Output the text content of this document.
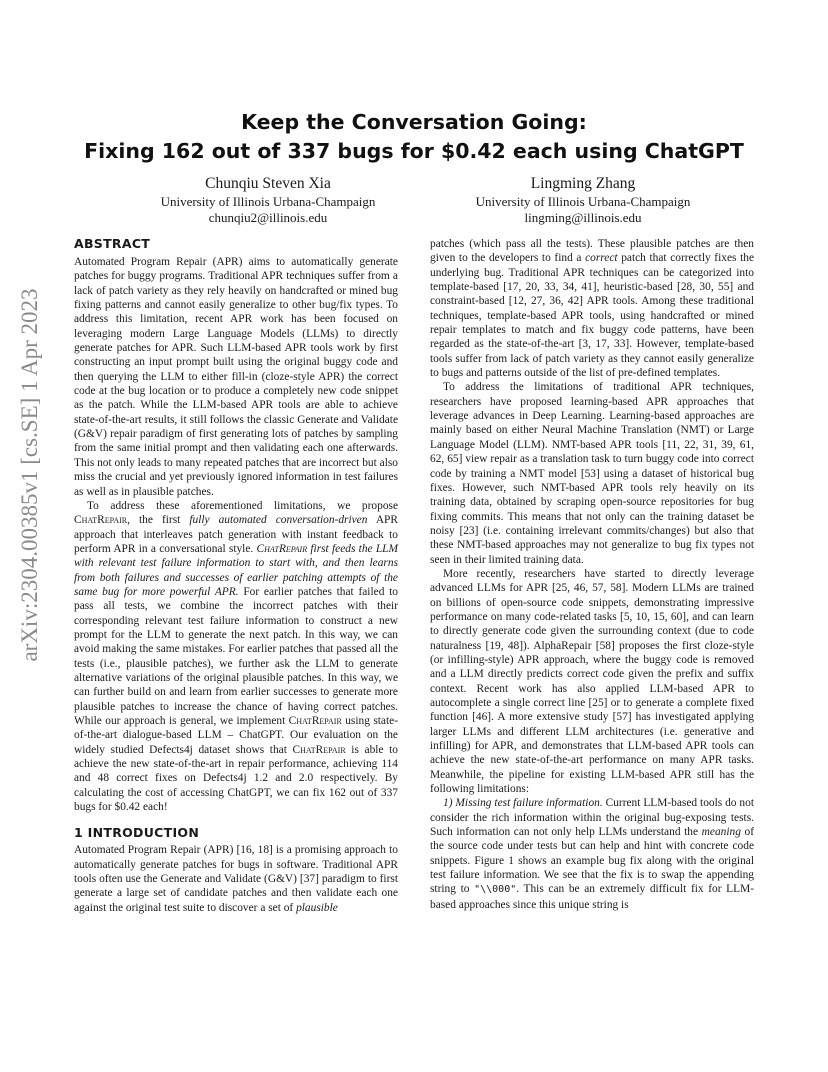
arXiv:2304.00385v1 [cs.SE] 1 Apr 2023
Keep the Conversation Going:
Fixing 162 out of 337 bugs for $0.42 each using ChatGPT
Chunqiu Steven Xia
University of Illinois Urbana-Champaign
chunqiu2@illinois.edu
Lingming Zhang
University of Illinois Urbana-Champaign
lingming@illinois.edu
ABSTRACT

Automated Program Repair (APR) aims to automatically generate patches for buggy programs. Traditional APR techniques suffer from a lack of patch variety as they rely heavily on handcrafted or mined bug fixing patterns and cannot easily generalize to other bug/fix types. To address this limitation, recent APR work has been focused on leveraging modern Large Language Models (LLMs) to directly generate patches for APR. Such LLM-based APR tools work by first constructing an input prompt built using the original buggy code and then querying the LLM to either fill-in (cloze-style APR) the correct code at the bug location or to produce a completely new code snippet as the patch. While the LLM-based APR tools are able to achieve state-of-the-art results, it still follows the classic Generate and Validate (G&V) repair paradigm of first generating lots of patches by sampling from the same initial prompt and then validating each one afterwards. This not only leads to many repeated patches that are incorrect but also miss the crucial and yet previously ignored information in test failures as well as in plausible patches.

To address these aforementioned limitations, we propose ChatRepair, the first fully automated conversation-driven APR approach that interleaves patch generation with instant feedback to perform APR in a conversational style. ChatRepair first feeds the LLM with relevant test failure information to start with, and then learns from both failures and successes of earlier patching attempts of the same bug for more powerful APR. For earlier patches that failed to pass all tests, we combine the incorrect patches with their corresponding relevant test failure information to construct a new prompt for the LLM to generate the next patch. In this way, we can avoid making the same mistakes. For earlier patches that passed all the tests (i.e., plausible patches), we further ask the LLM to generate alternative variations of the original plausible patches. In this way, we can further build on and learn from earlier successes to generate more plausible patches to increase the chance of having correct patches. While our approach is general, we implement ChatRepair using state-of-the-art dialogue-based LLM – ChatGPT. Our evaluation on the widely studied Defects4j dataset shows that ChatRepair is able to achieve the new state-of-the-art in repair performance, achieving 114 and 48 correct fixes on Defects4j 1.2 and 2.0 respectively. By calculating the cost of accessing ChatGPT, we can fix 162 out of 337 bugs for $0.42 each!

1 INTRODUCTION

Automated Program Repair (APR) [16, 18] is a promising approach to automatically generate patches for bugs in software. Traditional APR tools often use the Generate and Validate (G&V) [37] paradigm to first generate a large set of candidate patches and then validate each one against the original test suite to discover a set of plausible

patches (which pass all the tests). These plausible patches are then given to the developers to find a correct patch that correctly fixes the underlying bug. Traditional APR techniques can be categorized into template-based [17, 20, 33, 34, 41], heuristic-based [28, 30, 55] and constraint-based [12, 27, 36, 42] APR tools. Among these traditional techniques, template-based APR tools, using handcrafted or mined repair templates to match and fix buggy code patterns, have been regarded as the state-of-the-art [3, 17, 33]. However, template-based tools suffer from lack of patch variety as they cannot easily generalize to bugs and patterns outside of the list of pre-defined templates.

To address the limitations of traditional APR techniques, researchers have proposed learning-based APR approaches that leverage advances in Deep Learning. Learning-based approaches are mainly based on either Neural Machine Translation (NMT) or Large Language Model (LLM). NMT-based APR tools [11, 22, 31, 39, 61, 62, 65] view repair as a translation task to turn buggy code into correct code by training a NMT model [53] using a dataset of historical bug fixes. However, such NMT-based APR tools rely heavily on its training data, obtained by scraping open-source repositories for bug fixing commits. This means that not only can the training dataset be noisy [23] (i.e. containing irrelevant commits/changes) but also that these NMT-based approaches may not generalize to bug fix types not seen in their limited training data.

More recently, researchers have started to directly leverage advanced LLMs for APR [25, 46, 57, 58]. Modern LLMs are trained on billions of open-source code snippets, demonstrating impressive performance on many code-related tasks [5, 10, 15, 60], and can learn to directly generate code given the surrounding context (due to code naturalness [19, 48]). AlphaRepair [58] proposes the first cloze-style (or infilling-style) APR approach, where the buggy code is removed and a LLM directly predicts correct code given the prefix and suffix context. Recent work has also applied LLM-based APR to autocomplete a single correct line [25] or to generate a complete fixed function [46]. A more extensive study [57] has investigated applying larger LLMs and different LLM architectures (i.e. generative and infilling) for APR, and demonstrates that LLM-based APR tools can achieve the new state-of-the-art performance on many APR tasks. Meanwhile, the pipeline for existing LLM-based APR still has the following limitations:

1) Missing test failure information. Current LLM-based tools do not consider the rich information within the original bug-exposing tests. Such information can not only help LLMs understand the meaning of the source code under tests but can help and hint with concrete code snippets. Figure 1 shows an example bug fix along with the original test failure information. We see that the fix is to swap the appending string to "\\000". This can be an extremely difficult fix for LLM-based approaches since this unique string is
